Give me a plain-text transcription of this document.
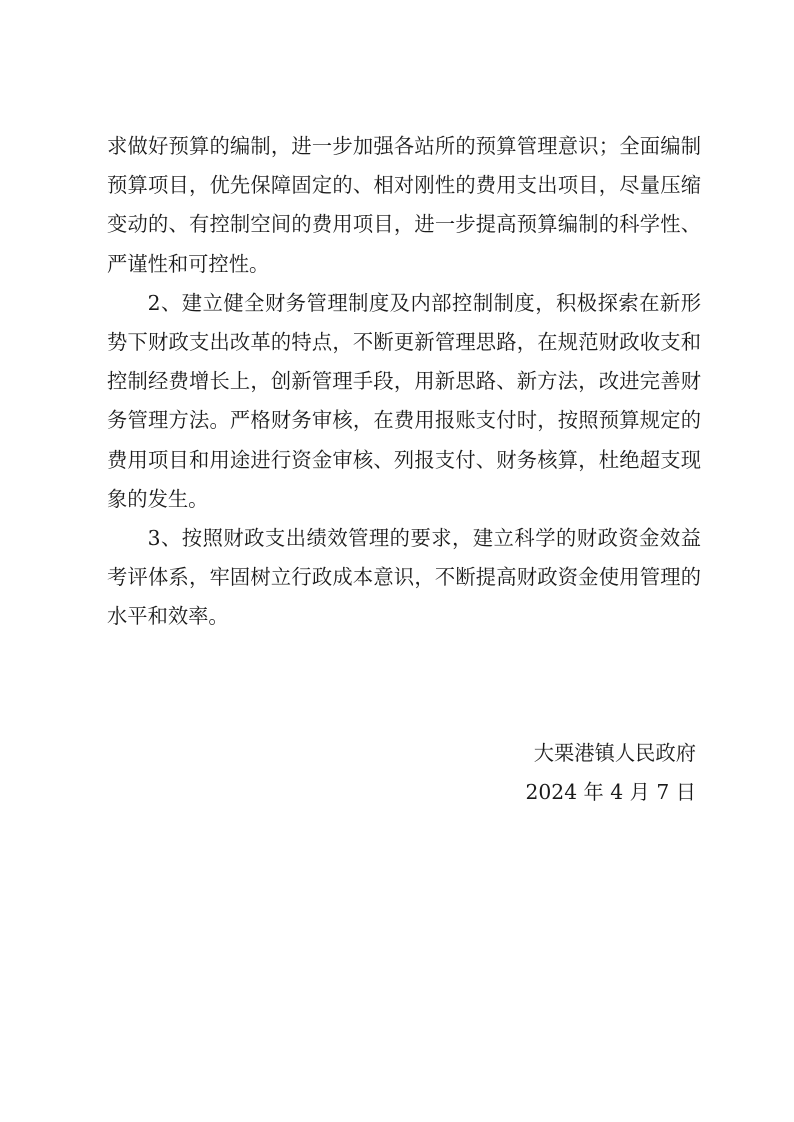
求做好预算的编制，进一步加强各站所的预算管理意识；全面编制预算项目，优先保障固定的、相对刚性的费用支出项目，尽量压缩变动的、有控制空间的费用项目，进一步提高预算编制的科学性、严谨性和可控性。

2、建立健全财务管理制度及内部控制制度，积极探索在新形势下财政支出改革的特点，不断更新管理思路，在规范财政收支和控制经费增长上，创新管理手段，用新思路、新方法，改进完善财务管理方法。严格财务审核，在费用报账支付时，按照预算规定的费用项目和用途进行资金审核、列报支付、财务核算，杜绝超支现象的发生。

3、按照财政支出绩效管理的要求，建立科学的财政资金效益考评体系，牢固树立行政成本意识，不断提高财政资金使用管理的水平和效率。

大栗港镇人民政府
2024 年 4 月 7 日
